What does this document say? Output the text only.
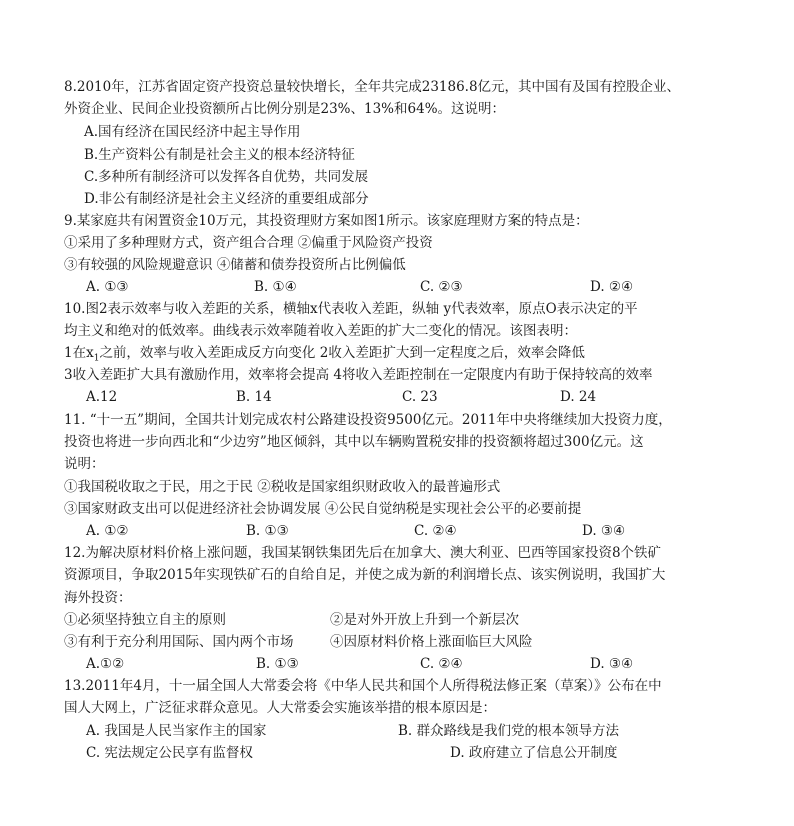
8.2010年，江苏省固定资产投资总量较快增长，全年共完成23186.8亿元，其中国有及国有控股企业、
外资企业、民间企业投资额所占比例分别是23%、13%和64%。这说明：
A.国有经济在国民经济中起主导作用
B.生产资料公有制是社会主义的根本经济特征
C.多种所有制经济可以发挥各自优势，共同发展
D.非公有制经济是社会主义经济的重要组成部分
9.某家庭共有闲置资金10万元，其投资理财方案如图1所示。该家庭理财方案的特点是：
①采用了多种理财方式，资产组合合理 ②偏重于风险资产投资
③有较强的风险规避意识 ④储蓄和债券投资所占比例偏低
A. ①③	B. ①④	C. ②③	D. ②④
10.图2表示效率与收入差距的关系，横轴x代表收入差距，纵轴 y代表效率，原点O表示决定的平
均主义和绝对的低效率。曲线表示效率随着收入差距的扩大二变化的情况。该图表明：
1在$x_1$之前，效率与收入差距成反方向变化 2收入差距扩大到一定程度之后，效率会降低
3收入差距扩大具有激励作用，效率将会提高 4将收入差距控制在一定限度内有助于保持较高的效率
A.12	B. 14	C. 23	D. 24
11. “十一五”期间，全国共计划完成农村公路建设投资9500亿元。2011年中央将继续加大投资力度，
投资也将进一步向西北和“少边穷”地区倾斜，其中以车辆购置税安排的投资额将超过300亿元。这
说明：
①我国税收取之于民，用之于民 ②税收是国家组织财政收入的最普遍形式
③国家财政支出可以促进经济社会协调发展 ④公民自觉纳税是实现社会公平的必要前提
A. ①②	B. ①③	C. ②④	D. ③④
12.为解决原材料价格上涨问题，我国某钢铁集团先后在加拿大、澳大利亚、巴西等国家投资8个铁矿
资源项目，争取2015年实现铁矿石的自给自足，并使之成为新的利润增长点、该实例说明，我国扩大
海外投资：
①必须坚持独立自主的原则	②是对外开放上升到一个新层次
③有利于充分利用国际、国内两个市场	④因原材料价格上涨面临巨大风险
A.①②	B. ①③	C. ②④	D. ③④
13.2011年4月，十一届全国人大常委会将《中华人民共和国个人所得税法修正案（草案）》公布在中
国人大网上，广泛征求群众意见。人大常委会实施该举措的根本原因是：
A. 我国是人民当家作主的国家	B. 群众路线是我们党的根本领导方法
C. 宪法规定公民享有监督权	D. 政府建立了信息公开制度
